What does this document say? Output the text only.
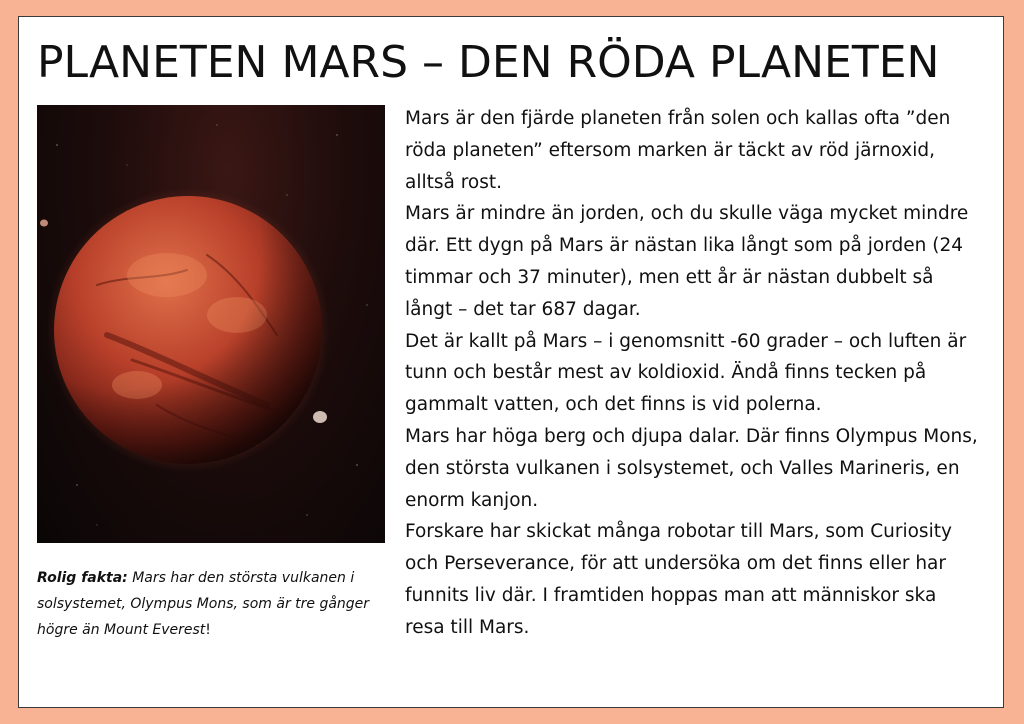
PLANETEN MARS – DEN RÖDA PLANETEN
Rolig fakta: Mars har den största vulkanen i solsystemet, Olympus Mons, som är tre gånger högre än Mount Everest!

Mars är den fjärde planeten från solen och kallas ofta ”den röda planeten” eftersom marken är täckt av röd järnoxid, alltså rost.

Mars är mindre än jorden, och du skulle väga mycket mindre där. Ett dygn på Mars är nästan lika långt som på jorden (24 timmar och 37 minuter), men ett år är nästan dubbelt så långt – det tar 687 dagar.

Det är kallt på Mars – i genomsnitt -60 grader – och luften är tunn och består mest av koldioxid. Ändå finns tecken på gammalt vatten, och det finns is vid polerna.

Mars har höga berg och djupa dalar. Där finns Olympus Mons, den största vulkanen i solsystemet, och Valles Marineris, en enorm kanjon.

Forskare har skickat många robotar till Mars, som Curiosity och Perseverance, för att undersöka om det finns eller har funnits liv där. I framtiden hoppas man att människor ska resa till Mars.
